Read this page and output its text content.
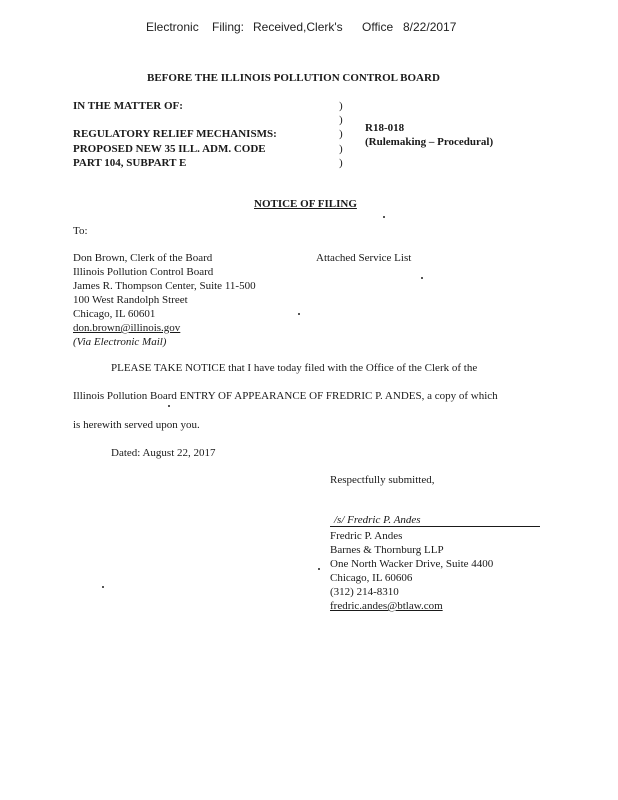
Electronic Filing: Received,Clerk's Office 8/22/2017
BEFORE THE ILLINOIS POLLUTION CONTROL BOARD
IN THE MATTER OF:
REGULATORY RELIEF MECHANISMS:
PROPOSED NEW 35 ILL. ADM. CODE
PART 104, SUBPART E
)
)
)
)
)
R18-018
(Rulemaking – Procedural)
NOTICE OF FILING
To:
Don Brown, Clerk of the Board
Illinois Pollution Control Board
James R. Thompson Center, Suite 11-500
100 West Randolph Street
Chicago, IL 60601
don.brown@illinois.gov
(Via Electronic Mail)
Attached Service List
PLEASE TAKE NOTICE that I have today filed with the Office of the Clerk of the
Illinois Pollution Board ENTRY OF APPEARANCE OF FREDRIC P. ANDES, a copy of which
is herewith served upon you.
Dated: August 22, 2017
Respectfully submitted,
/s/ Fredric P. Andes
Fredric P. Andes
Barnes & Thornburg LLP
One North Wacker Drive, Suite 4400
Chicago, IL 60606
(312) 214-8310
fredric.andes@btlaw.com
